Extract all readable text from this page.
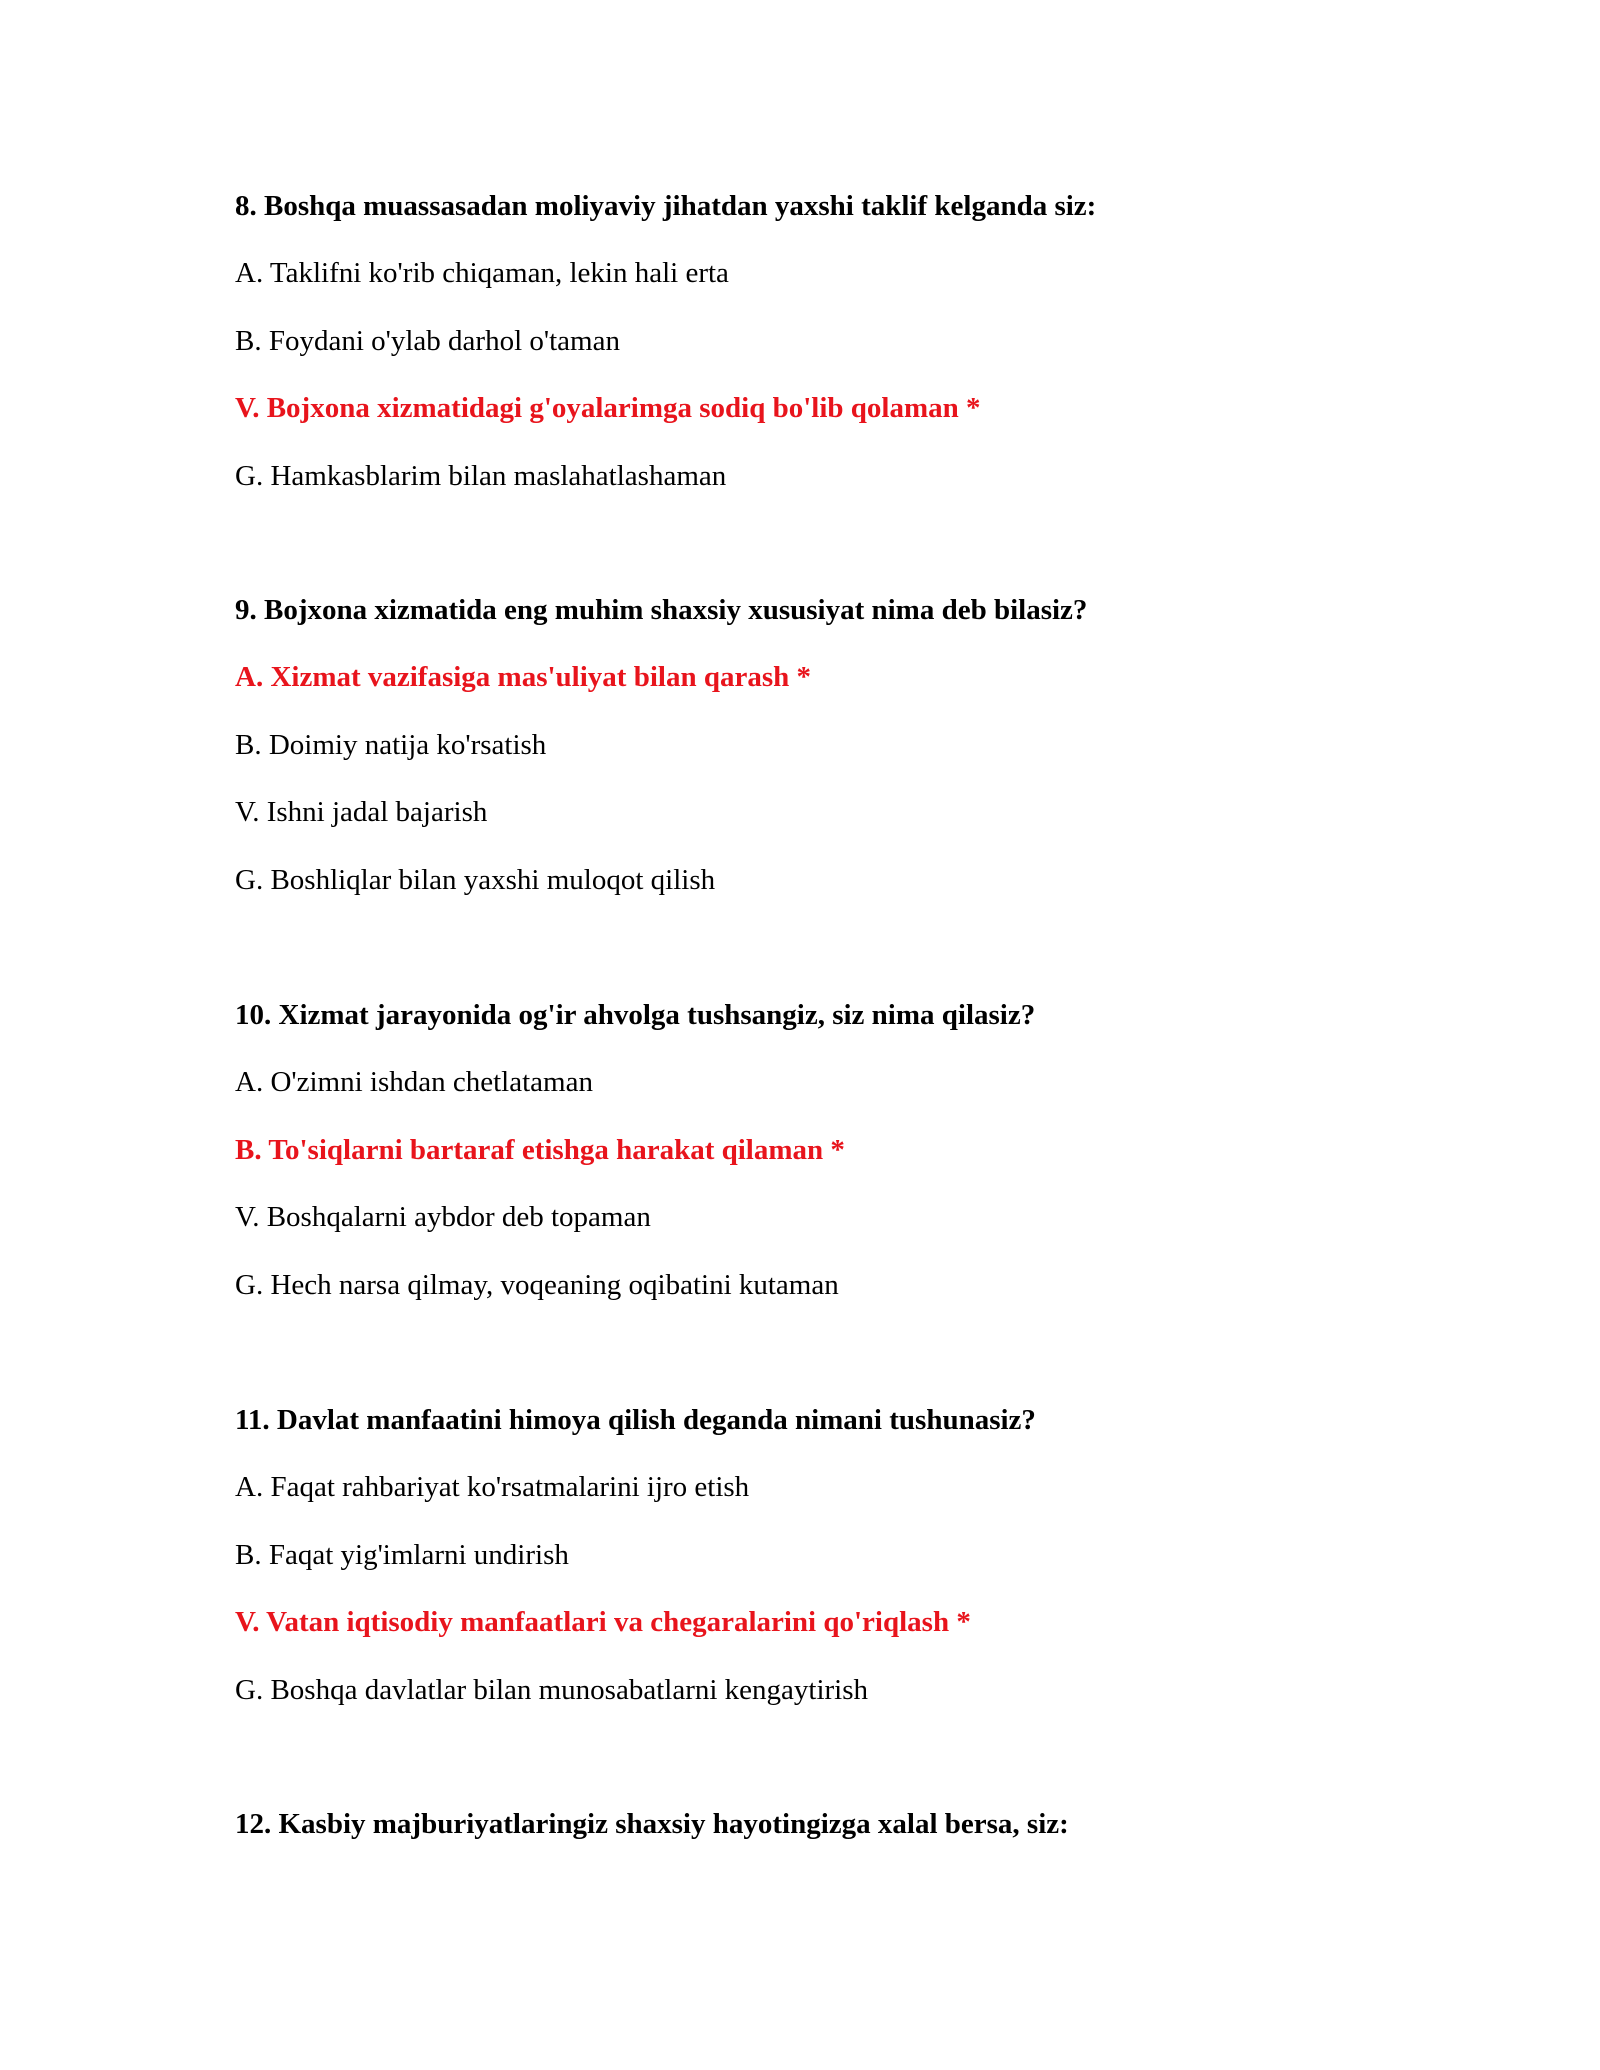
8. Boshqa muassasadan moliyaviy jihatdan yaxshi taklif kelganda siz:
A. Taklifni ko'rib chiqaman, lekin hali erta
B. Foydani o'ylab darhol o'taman
V. Bojxona xizmatidagi g'oyalarimga sodiq bo'lib qolaman *
G. Hamkasblarim bilan maslahatlashaman
9. Bojxona xizmatida eng muhim shaxsiy xususiyat nima deb bilasiz?
A. Xizmat vazifasiga mas'uliyat bilan qarash *
B. Doimiy natija ko'rsatish
V. Ishni jadal bajarish
G. Boshliqlar bilan yaxshi muloqot qilish
10. Xizmat jarayonida og'ir ahvolga tushsangiz, siz nima qilasiz?
A. O'zimni ishdan chetlataman
B. To'siqlarni bartaraf etishga harakat qilaman *
V. Boshqalarni aybdor deb topaman
G. Hech narsa qilmay, voqeaning oqibatini kutaman
11. Davlat manfaatini himoya qilish deganda nimani tushunasiz?
A. Faqat rahbariyat ko'rsatmalarini ijro etish
B. Faqat yig'imlarni undirish
V. Vatan iqtisodiy manfaatlari va chegaralarini qo'riqlash *
G. Boshqa davlatlar bilan munosabatlarni kengaytirish
12. Kasbiy majburiyatlaringiz shaxsiy hayotingizga xalal bersa, siz:
